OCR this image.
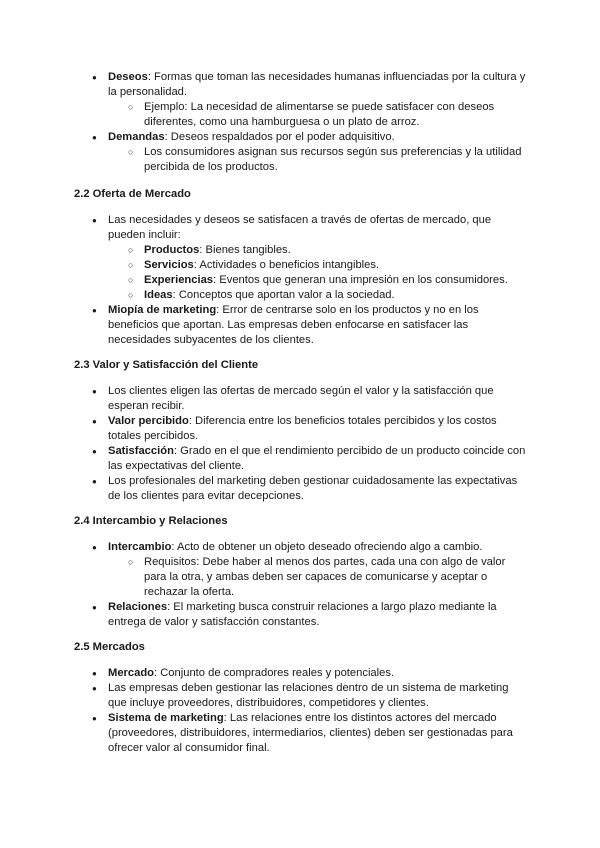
● Deseos: Formas que toman las necesidades humanas influenciadas por la cultura y la personalidad.
○ Ejemplo: La necesidad de alimentarse se puede satisfacer con deseos diferentes, como una hamburguesa o un plato de arroz.
● Demandas: Deseos respaldados por el poder adquisitivo.
○ Los consumidores asignan sus recursos según sus preferencias y la utilidad percibida de los productos.
2.2 Oferta de Mercado
● Las necesidades y deseos se satisfacen a través de ofertas de mercado, que pueden incluir:
○ Productos: Bienes tangibles.
○ Servicios: Actividades o beneficios intangibles.
○ Experiencias: Eventos que generan una impresión en los consumidores.
○ Ideas: Conceptos que aportan valor a la sociedad.
● Miopía de marketing: Error de centrarse solo en los productos y no en los beneficios que aportan. Las empresas deben enfocarse en satisfacer las necesidades subyacentes de los clientes.
2.3 Valor y Satisfacción del Cliente
● Los clientes eligen las ofertas de mercado según el valor y la satisfacción que esperan recibir.
● Valor percibido: Diferencia entre los beneficios totales percibidos y los costos totales percibidos.
● Satisfacción: Grado en el que el rendimiento percibido de un producto coincide con las expectativas del cliente.
● Los profesionales del marketing deben gestionar cuidadosamente las expectativas de los clientes para evitar decepciones.
2.4 Intercambio y Relaciones
● Intercambio: Acto de obtener un objeto deseado ofreciendo algo a cambio.
○ Requisitos: Debe haber al menos dos partes, cada una con algo de valor para la otra, y ambas deben ser capaces de comunicarse y aceptar o rechazar la oferta.
● Relaciones: El marketing busca construir relaciones a largo plazo mediante la entrega de valor y satisfacción constantes.
2.5 Mercados
● Mercado: Conjunto de compradores reales y potenciales.
● Las empresas deben gestionar las relaciones dentro de un sistema de marketing que incluye proveedores, distribuidores, competidores y clientes.
● Sistema de marketing: Las relaciones entre los distintos actores del mercado (proveedores, distribuidores, intermediarios, clientes) deben ser gestionadas para ofrecer valor al consumidor final.
